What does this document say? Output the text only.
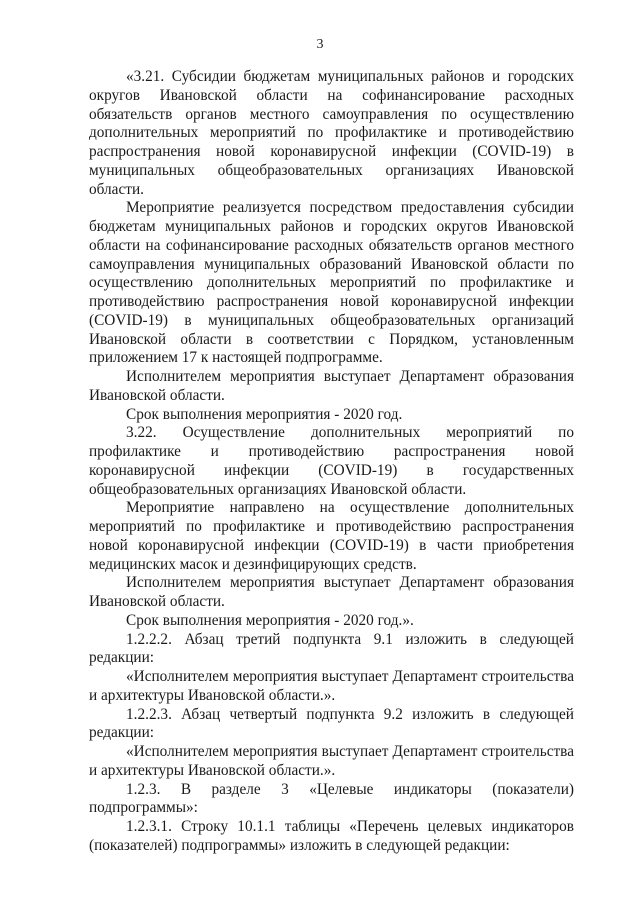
3

«3.21. Субсидии бюджетам муниципальных районов и городских округов Ивановской области на софинансирование расходных обязательств органов местного самоуправления по осуществлению дополнительных мероприятий по профилактике и противодействию распространения новой коронавирусной инфекции (COVID-19) в муниципальных общеобразовательных организациях Ивановской области.

Мероприятие реализуется посредством предоставления субсидии бюджетам муниципальных районов и городских округов Ивановской области на софинансирование расходных обязательств органов местного самоуправления муниципальных образований Ивановской области по осуществлению дополнительных мероприятий по профилактике и противодействию распространения новой коронавирусной инфекции (COVID-19) в муниципальных общеобразовательных организаций Ивановской области в соответствии с Порядком, установленным приложением 17 к настоящей подпрограмме.

Исполнителем мероприятия выступает Департамент образования Ивановской области.

Срок выполнения мероприятия - 2020 год.

3.22. Осуществление дополнительных мероприятий по профилактике и противодействию распространения новой коронавирусной инфекции (COVID-19) в государственных общеобразовательных организациях Ивановской области.

Мероприятие направлено на осуществление дополнительных мероприятий по профилактике и противодействию распространения новой коронавирусной инфекции (COVID-19) в части приобретения медицинских масок и дезинфицирующих средств.

Исполнителем мероприятия выступает Департамент образования Ивановской области.

Срок выполнения мероприятия - 2020 год.».

1.2.2.2. Абзац третий подпункта 9.1 изложить в следующей редакции:

«Исполнителем мероприятия выступает Департамент строительства и архитектуры Ивановской области.».

1.2.2.3. Абзац четвертый подпункта 9.2 изложить в следующей редакции:

«Исполнителем мероприятия выступает Департамент строительства и архитектуры Ивановской области.».

1.2.3. В разделе 3 «Целевые индикаторы (показатели) подпрограммы»:

1.2.3.1. Строку 10.1.1 таблицы «Перечень целевых индикаторов (показателей) подпрограммы» изложить в следующей редакции:
